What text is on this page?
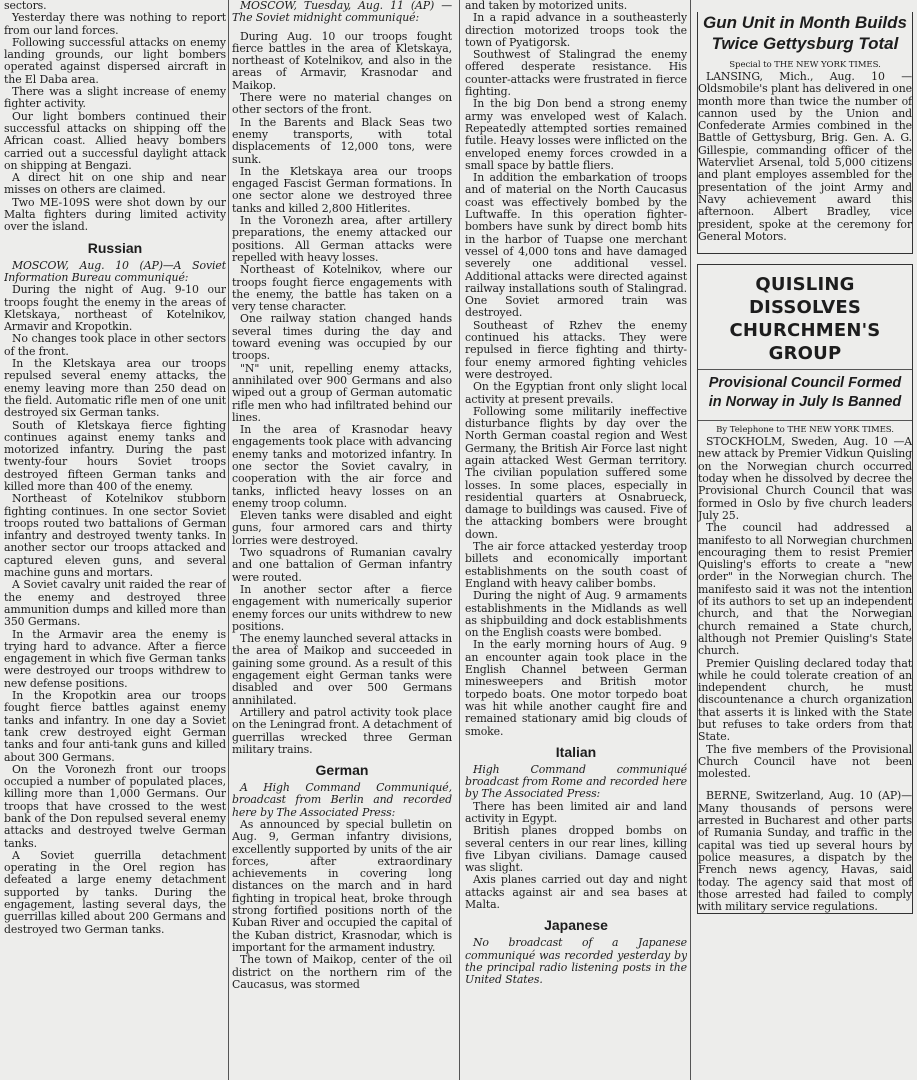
sectors.

Yesterday there was nothing to report from our land forces.

Following successful attacks on enemy landing grounds, our light bombers operated against dispersed aircraft in the El Daba area.

There was a slight increase of enemy fighter activity.

Our light bombers continued their successful attacks on shipping off the African coast. Allied heavy bombers carried out a successful daylight attack on shipping at Bengazi.

A direct hit on one ship and near misses on others are claimed.

Two ME-109S were shot down by our Malta fighters during limited activity over the island.

Russian

MOSCOW, Aug. 10 (AP)—A Soviet Information Bureau communiqué:

During the night of Aug. 9-10 our troops fought the enemy in the areas of Kletskaya, northeast of Kotelnikov, Armavir and Kropotkin.

No changes took place in other sectors of the front.

In the Kletskaya area our troops repulsed several enemy attacks, the enemy leaving more than 250 dead on the field. Automatic rifle men of one unit destroyed six German tanks.

South of Kletskaya fierce fighting continues against enemy tanks and motorized infantry. During the past twenty-four hours Soviet troops destroyed fifteen German tanks and killed more than 400 of the enemy.

Northeast of Kotelnikov stubborn fighting continues. In one sector Soviet troops routed two battalions of German infantry and destroyed twenty tanks. In another sector our troops attacked and captured eleven guns, and several machine guns and mortars.

A Soviet cavalry unit raided the rear of the enemy and destroyed three ammunition dumps and killed more than 350 Germans.

In the Armavir area the enemy is trying hard to advance. After a fierce engagement in which five German tanks were destroyed our troops withdrew to new defense positions.

In the Kropotkin area our troops fought fierce battles against enemy tanks and infantry. In one day a Soviet tank crew destroyed eight German tanks and four anti-tank guns and killed about 300 Germans.

On the Voronezh front our troops occupied a number of populated places, killing more than 1,000 Germans. Our troops that have crossed to the west bank of the Don repulsed several enemy attacks and destroyed twelve German tanks.

A Soviet guerrilla detachment operating in the Orel region has defeated a large enemy detachment supported by tanks. During the engagement, lasting several days, the guerrillas killed about 200 Germans and destroyed two German tanks.

MOSCOW, Tuesday, Aug. 11 (AP) —The Soviet midnight communiqué:

During Aug. 10 our troops fought fierce battles in the area of Kletskaya, northeast of Kotelnikov, and also in the areas of Armavir, Krasnodar and Maikop.

There were no material changes on other sectors of the front.

In the Barents and Black Seas two enemy transports, with total displacements of 12,000 tons, were sunk.

In the Kletskaya area our troops engaged Fascist German formations. In one sector alone we destroyed three tanks and killed 2,800 Hitlerites.

In the Voronezh area, after artillery preparations, the enemy attacked our positions. All German attacks were repelled with heavy losses.

Northeast of Kotelnikov, where our troops fought fierce engagements with the enemy, the battle has taken on a very tense character.

One railway station changed hands several times during the day and toward evening was occupied by our troops.

"N" unit, repelling enemy attacks, annihilated over 900 Germans and also wiped out a group of German automatic rifle men who had infiltrated behind our lines.

In the area of Krasnodar heavy engagements took place with advancing enemy tanks and motorized infantry. In one sector the Soviet cavalry, in cooperation with the air force and tanks, inflicted heavy losses on an enemy troop column.

Eleven tanks were disabled and eight guns, four armored cars and thirty lorries were destroyed.

Two squadrons of Rumanian cavalry and one battalion of German infantry were routed.

In another sector after a fierce engagement with numerically superior enemy forces our units withdrew to new positions.

The enemy launched several attacks in the area of Maikop and succeeded in gaining some ground. As a result of this engagement eight German tanks were disabled and over 500 Germans annihilated.

Artillery and patrol activity took place on the Leningrad front. A detachment of guerrillas wrecked three German military trains.

German

A High Command Communiqué, broadcast from Berlin and recorded here by The Associated Press:

As announced by special bulletin on Aug. 9, German infantry divisions, excellently supported by units of the air forces, after extraordinary achievements in covering long distances on the march and in hard fighting in tropical heat, broke through strong fortified positions north of the Kuban River and occupied the capital of the Kuban district, Krasnodar, which is important for the armament industry.

The town of Maikop, center of the oil district on the northern rim of the Caucasus, was stormed

and taken by motorized units.

In a rapid advance in a southeasterly direction motorized troops took the town of Pyatigorsk.

Southwest of Stalingrad the enemy offered desperate resistance. His counter-attacks were frustrated in fierce fighting.

In the big Don bend a strong enemy army was enveloped west of Kalach. Repeatedly attempted sorties remained futile. Heavy losses were inflicted on the enveloped enemy forces crowded in a small space by battle fliers.

In addition the embarkation of troops and of material on the North Caucasus coast was effectively bombed by the Luftwaffe. In this operation fighter-bombers have sunk by direct bomb hits in the harbor of Tuapse one merchant vessel of 4,000 tons and have damaged severely one additional vessel. Additional attacks were directed against railway installations south of Stalingrad. One Soviet armored train was destroyed.

Southeast of Rzhev the enemy continued his attacks. They were repulsed in fierce fighting and thirty-four enemy armored fighting vehicles were destroyed.

On the Egyptian front only slight local activity at present prevails.

Following some militarily ineffective disturbance flights by day over the North German coastal region and West Germany, the British Air Force last night again attacked West German territory. The civilian population suffered some losses. In some places, especially in residential quarters at Osnabrueck, damage to buildings was caused. Five of the attacking bombers were brought down.

The air force attacked yesterday troop billets and economically important establishments on the south coast of England with heavy caliber bombs.

During the night of Aug. 9 armaments establishments in the Midlands as well as shipbuilding and dock establishments on the English coasts were bombed.

In the early morning hours of Aug. 9 an encounter again took place in the English Channel between German minesweepers and British motor torpedo boats. One motor torpedo boat was hit while another caught fire and remained stationary amid big clouds of smoke.

Italian

High Command communiqué broadcast from Rome and recorded here by The Associated Press:

There has been limited air and land activity in Egypt.

British planes dropped bombs on several centers in our rear lines, killing five Libyan civilians. Damage caused was slight.

Axis planes carried out day and night attacks against air and sea bases at Malta.

Japanese

No broadcast of a Japanese communiqué was recorded yesterday by the principal radio listening posts in the United States.

Gun Unit in Month Builds Twice Gettysburg Total

Special to THE NEW YORK TIMES.

LANSING, Mich., Aug. 10 — Oldsmobile's plant has delivered in one month more than twice the number of cannon used by the Union and Confederate Armies combined in the Battle of Gettysburg, Brig. Gen. A. G. Gillespie, commanding officer of the Watervliet Arsenal, told 5,000 citizens and plant employes assembled for the presentation of the joint Army and Navy achievement award this afternoon. Albert Bradley, vice president, spoke at the ceremony for General Motors.

QUISLING DISSOLVES CHURCHMEN'S GROUP
Provisional Council Formed in Norway in July Is Banned

By Telephone to THE NEW YORK TIMES.

STOCKHOLM, Sweden, Aug. 10 —A new attack by Premier Vidkun Quisling on the Norwegian church occurred today when he dissolved by decree the Provisional Church Council that was formed in Oslo by five church leaders July 25.

The council had addressed a manifesto to all Norwegian churchmen encouraging them to resist Premier Quisling's efforts to create a "new order" in the Norwegian church. The manifesto said it was not the intention of its authors to set up an independent church, and that the Norwegian church remained a State church, although not Premier Quisling's State church.

Premier Quisling declared today that while he could tolerate creation of an independent church, he must discountenance a church organization that asserts it is linked with the State but refuses to take orders from that State.

The five members of the Provisional Church Council have not been molested.

BERNE, Switzerland, Aug. 10 (AP)—Many thousands of persons were arrested in Bucharest and other parts of Rumania Sunday, and traffic in the capital was tied up several hours by police measures, a dispatch by the French news agency, Havas, said today. The agency said that most of those arrested had failed to comply with military service regulations.
